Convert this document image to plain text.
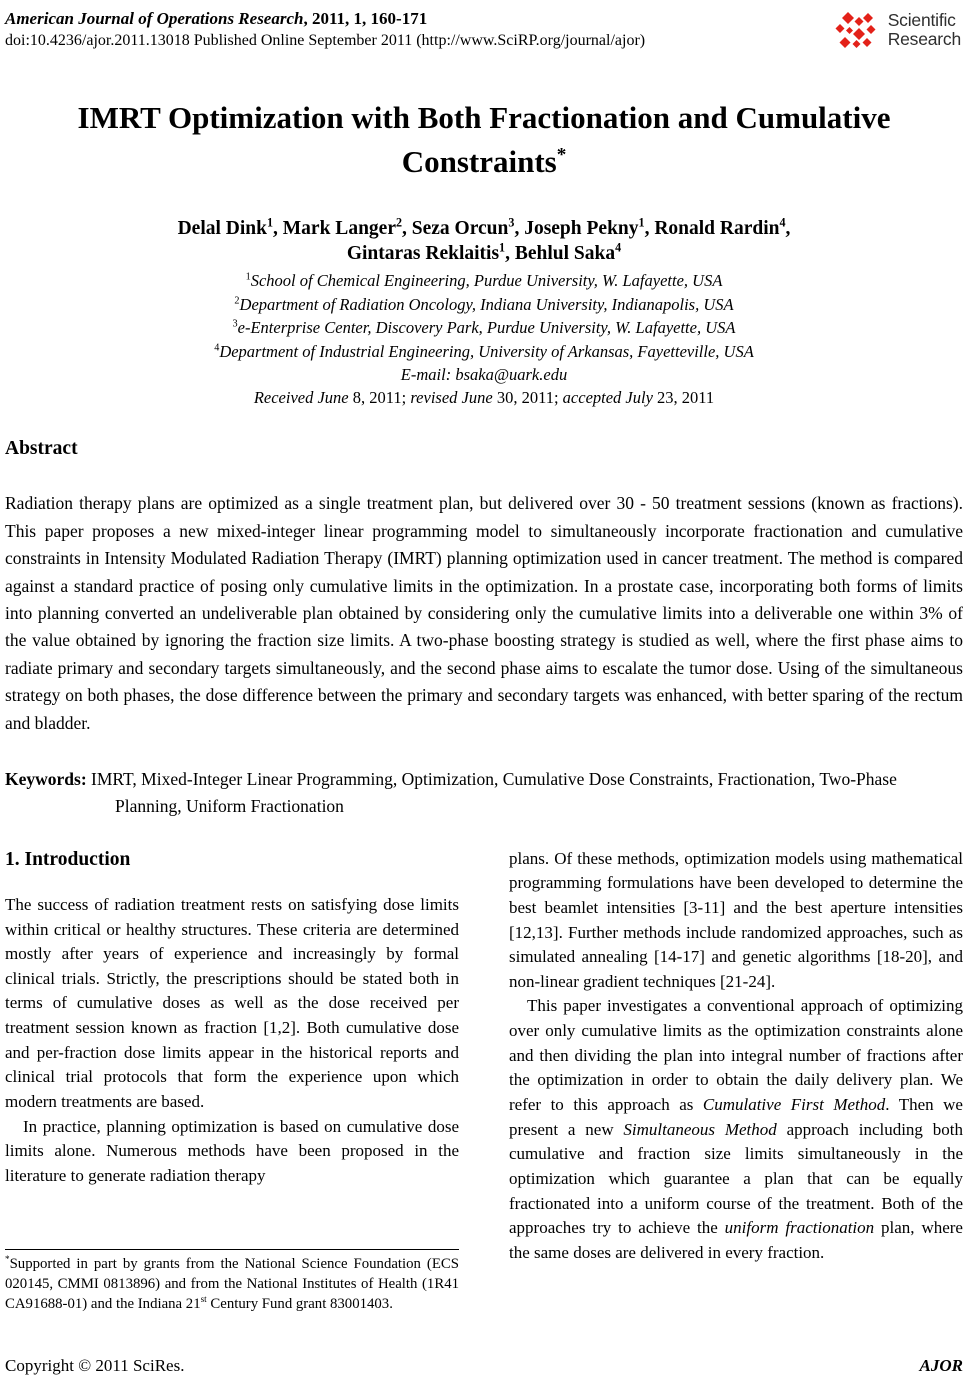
American Journal of Operations Research, 2011, 1, 160-171
doi:10.4236/ajor.2011.13018 Published Online September 2011 (http://www.SciRP.org/journal/ajor)
Scientific
Research
IMRT Optimization with Both Fractionation and Cumulative Constraints*
Delal Dink$^1$, Mark Langer$^2$, Seza Orcun$^3$, Joseph Pekny$^1$, Ronald Rardin$^4$,
Gintaras Reklaitis$^1$, Behlul Saka$^4$
$^1$School of Chemical Engineering, Purdue University, W. Lafayette, USA
$^2$Department of Radiation Oncology, Indiana University, Indianapolis, USA
$^3$e-Enterprise Center, Discovery Park, Purdue University, W. Lafayette, USA
$^4$Department of Industrial Engineering, University of Arkansas, Fayetteville, USA
E-mail: bsaka@uark.edu
Received June 8, 2011; revised June 30, 2011; accepted July 23, 2011
Abstract

Radiation therapy plans are optimized as a single treatment plan, but delivered over 30 - 50 treatment sessions (known as fractions). This paper proposes a new mixed-integer linear programming model to simultaneously incorporate fractionation and cumulative constraints in Intensity Modulated Radiation Therapy (IMRT) planning optimization used in cancer treatment. The method is compared against a standard practice of posing only cumulative limits in the optimization. In a prostate case, incorporating both forms of limits into planning converted an undeliverable plan obtained by considering only the cumulative limits into a deliverable one within 3% of the value obtained by ignoring the fraction size limits. A two-phase boosting strategy is studied as well, where the first phase aims to radiate primary and secondary targets simultaneously, and the second phase aims to escalate the tumor dose. Using of the simultaneous strategy on both phases, the dose difference between the primary and secondary targets was enhanced, with better sparing of the rectum and bladder.

Keywords: IMRT, Mixed-Integer Linear Programming, Optimization, Cumulative Dose Constraints, Fractionation, Two-Phase Planning, Uniform Fractionation
1. Introduction

The success of radiation treatment rests on satisfying dose limits within critical or healthy structures. These criteria are determined mostly after years of experience and increasingly by formal clinical trials. Strictly, the prescriptions should be stated both in terms of cumulative doses as well as the dose received per treatment session known as fraction [1,2]. Both cumulative dose and per-fraction dose limits appear in the historical reports and clinical trial protocols that form the experience upon which modern treatments are based.

In practice, planning optimization is based on cumulative dose limits alone. Numerous methods have been proposed in the literature to generate radiation therapy

*Supported in part by grants from the National Science Foundation (ECS 020145, CMMI 0813896) and from the National Institutes of Health (1R41 CA91688-01) and the Indiana 21st Century Fund grant 83001403.

plans. Of these methods, optimization models using mathematical programming formulations have been developed to determine the best beamlet intensities [3-11] and the best aperture intensities [12,13]. Further methods include randomized approaches, such as simulated annealing [14-17] and genetic algorithms [18-20], and non-linear gradient techniques [21-24].

This paper investigates a conventional approach of optimizing over only cumulative limits as the optimization constraints alone and then dividing the plan into integral number of fractions after the optimization in order to obtain the daily delivery plan. We refer to this approach as Cumulative First Method. Then we present a new Simultaneous Method approach including both cumulative and fraction size limits simultaneously in the optimization which guarantee a plan that can be equally fractionated into a uniform course of the treatment. Both of the approaches try to achieve the uniform fractionation plan, where the same doses are delivered in every fraction.

Copyright © 2011 SciRes.	AJOR
